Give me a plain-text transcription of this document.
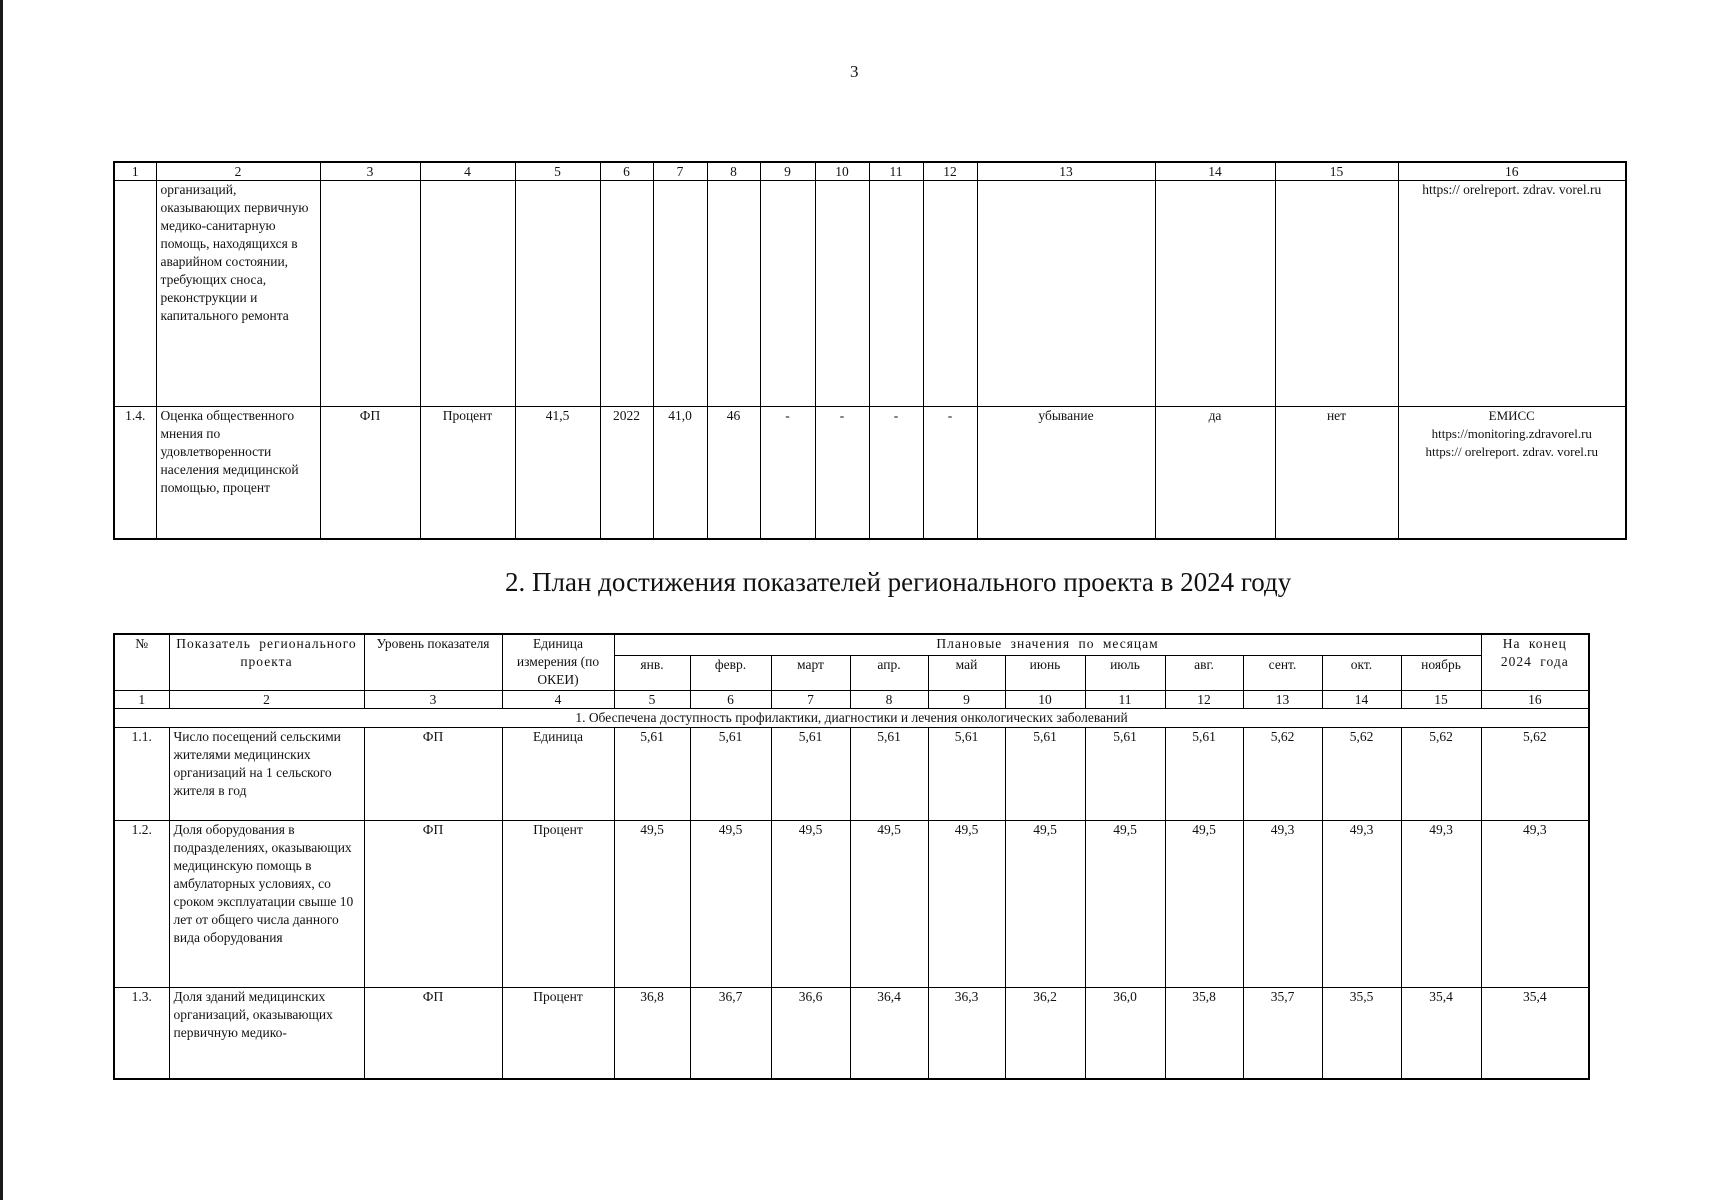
3
1	2	3	4	5	6	7	8	9	10	11	12	13	14	15	16
	организаций, оказывающих первичную медико-санитарную помощь, находящихся в аварийном состоянии, требующих сноса, реконструкции и капитального ремонта														https:// orelreport. zdrav. vorel.ru
1.4.	Оценка общественного мнения по удовлетворенности населения медицинской помощью, процент	ФП	Процент	41,5	2022	41,0	46	-	-	-	-	убывание	да	нет	ЕМИСС
https://monitoring.zdravorel.ru
https:// orelreport. zdrav. vorel.ru
2. План достижения показателей регионального проекта в 2024 году
№	Показатель регионального проекта	Уровень показателя	Единица измерения (по ОКЕИ)	Плановые значения по месяцам											На конец 2024 года
				янв.	февр.	март	апр.	май	июнь	июль	авг.	сент.	окт.	ноябрь	
1	2	3	4	5	6	7	8	9	10	11	12	13	14	15	16
1. Обеспечена доступность профилактики, диагностики и лечения онкологических заболеваний															
1.1.	Число посещений сельскими жителями медицинских организаций на 1 сельского жителя в год	ФП	Единица	5,61	5,61	5,61	5,61	5,61	5,61	5,61	5,61	5,62	5,62	5,62	5,62
1.2.	Доля оборудования в подразделениях, оказывающих медицинскую помощь в амбулаторных условиях, со сроком эксплуатации свыше 10 лет от общего числа данного вида оборудования	ФП	Процент	49,5	49,5	49,5	49,5	49,5	49,5	49,5	49,5	49,3	49,3	49,3	49,3
1.3.	Доля зданий медицинских организаций, оказывающих первичную медико-	ФП	Процент	36,8	36,7	36,6	36,4	36,3	36,2	36,0	35,8	35,7	35,5	35,4	35,4
